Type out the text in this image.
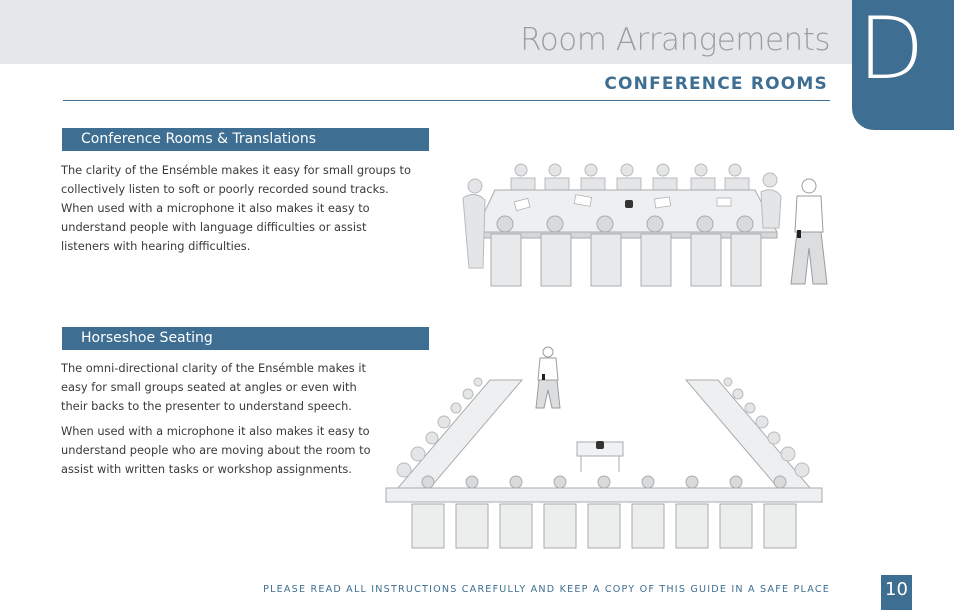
Room Arrangements D
CONFERENCE ROOMS
Conference Rooms & Translations

The clarity of the Ensémble makes it easy for small groups to collectively listen to soft or poorly recorded sound tracks. When used with a microphone it also makes it easy to understand people with language difficulties or assist listeners with hearing difficulties.

Horseshoe Seating

The omni-directional clarity of the Ensémble makes it easy for small groups seated at angles or even with their backs to the presenter to understand speech.

When used with a microphone it also makes it easy to understand people who are moving about the room to assist with written tasks or workshop assignments.

PLEASE READ ALL INSTRUCTIONS CAREFULLY AND KEEP A COPY OF THIS GUIDE IN A SAFE PLACE	10
